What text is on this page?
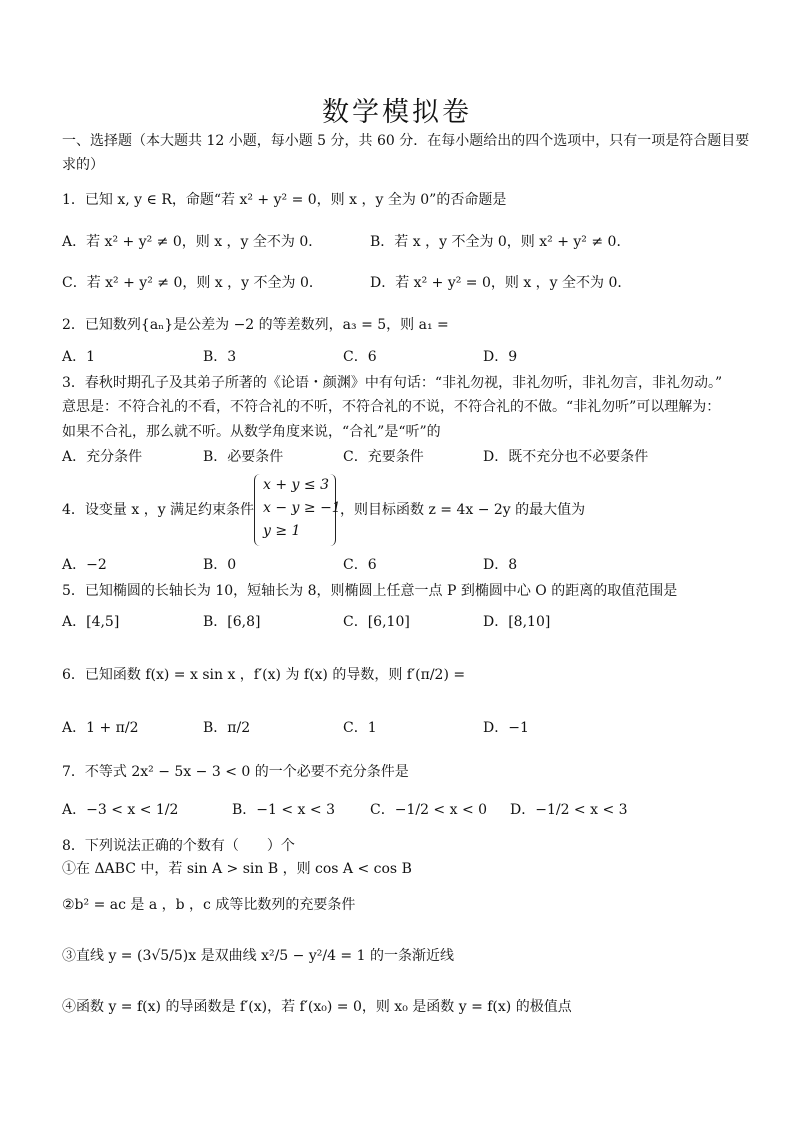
数学模拟卷
一、选择题（本大题共 12 小题，每小题 5 分，共 60 分．在每小题给出的四个选项中，只有一项是符合题目要
求的）
1．已知 x, y ∈ R，命题“若 x² + y² = 0，则 x ，y 全为 0”的否命题是
A．若 x² + y² ≠ 0，则 x ，y 全不为 0．	B．若 x ，y 不全为 0，则 x² + y² ≠ 0．
C．若 x² + y² ≠ 0，则 x ，y 不全为 0．	D．若 x² + y² = 0，则 x ，y 全不为 0．
2．已知数列{aₙ}是公差为 −2 的等差数列，a₃ = 5，则 a₁ =
A．1	B．3	C．6	D．9
3．春秋时期孔子及其弟子所著的《论语・颜渊》中有句话：“非礼勿视，非礼勿听，非礼勿言，非礼勿动。”
意思是：不符合礼的不看，不符合礼的不听，不符合礼的不说，不符合礼的不做。“非礼勿听”可以理解为：
如果不合礼，那么就不听。从数学角度来说，“合礼”是“听”的
A．充分条件	B．必要条件	C．充要条件	D．既不充分也不必要条件
4．设变量 x ，y 满足约束条件
x + y ≤ 3
x − y ≥ −1
y ≥ 1
，则目标函数 z = 4x − 2y 的最大值为
A．−2	B．0	C．6	D．8
5．已知椭圆的长轴长为 10，短轴长为 8，则椭圆上任意一点 P 到椭圆中心 O 的距离的取值范围是
A．[4,5]	B．[6,8]	C．[6,10]	D．[8,10]
6．已知函数 f(x) = x sin x ，f′(x) 为 f(x) 的导数，则 f′(π/2) =
A．1 + π/2	B．π/2	C．1	D．−1
7．不等式 2x² − 5x − 3 < 0 的一个必要不充分条件是
A．−3 < x < 1/2	B．−1 < x < 3	C．−1/2 < x < 0 D．−1/2 < x < 3
8．下列说法正确的个数有（　　）个
①在 ΔABC 中，若 sin A > sin B ，则 cos A < cos B
②b² = ac 是 a ，b ，c 成等比数列的充要条件
③直线 y = (3√5/5)x 是双曲线 x²/5 − y²/4 = 1 的一条渐近线
④函数 y = f(x) 的导函数是 f′(x)，若 f′(x₀) = 0，则 x₀ 是函数 y = f(x) 的极值点
